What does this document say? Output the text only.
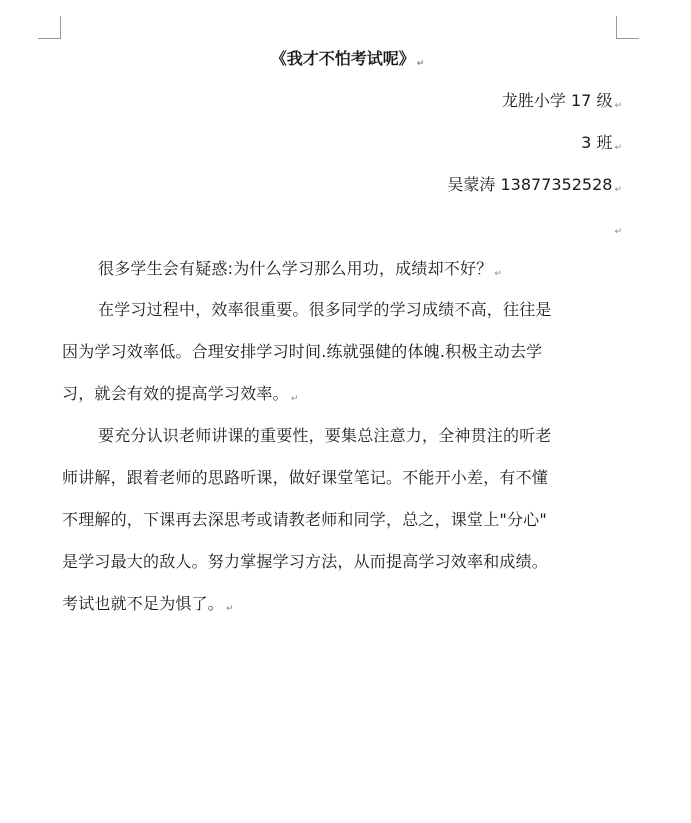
《我才不怕考试呢》 ↵
龙胜小学 17 级 ↵
3 班 ↵
吴蒙涛 13877352528 ↵
↵
很多学生会有疑惑:为什么学习那么用功，成绩却不好？ ↵
在学习过程中，效率很重要。很多同学的学习成绩不高，往往是
因为学习效率低。合理安排学习时间.练就强健的体魄.积极主动去学
习，就会有效的提高学习效率。 ↵
要充分认识老师讲课的重要性，要集总注意力，全神贯注的听老
师讲解，跟着老师的思路听课，做好课堂笔记。不能开小差，有不懂
不理解的，下课再去深思考或请教老师和同学，总之，课堂上"分心"
是学习最大的敌人。努力掌握学习方法，从而提高学习效率和成绩。
考试也就不足为惧了。 ↵
